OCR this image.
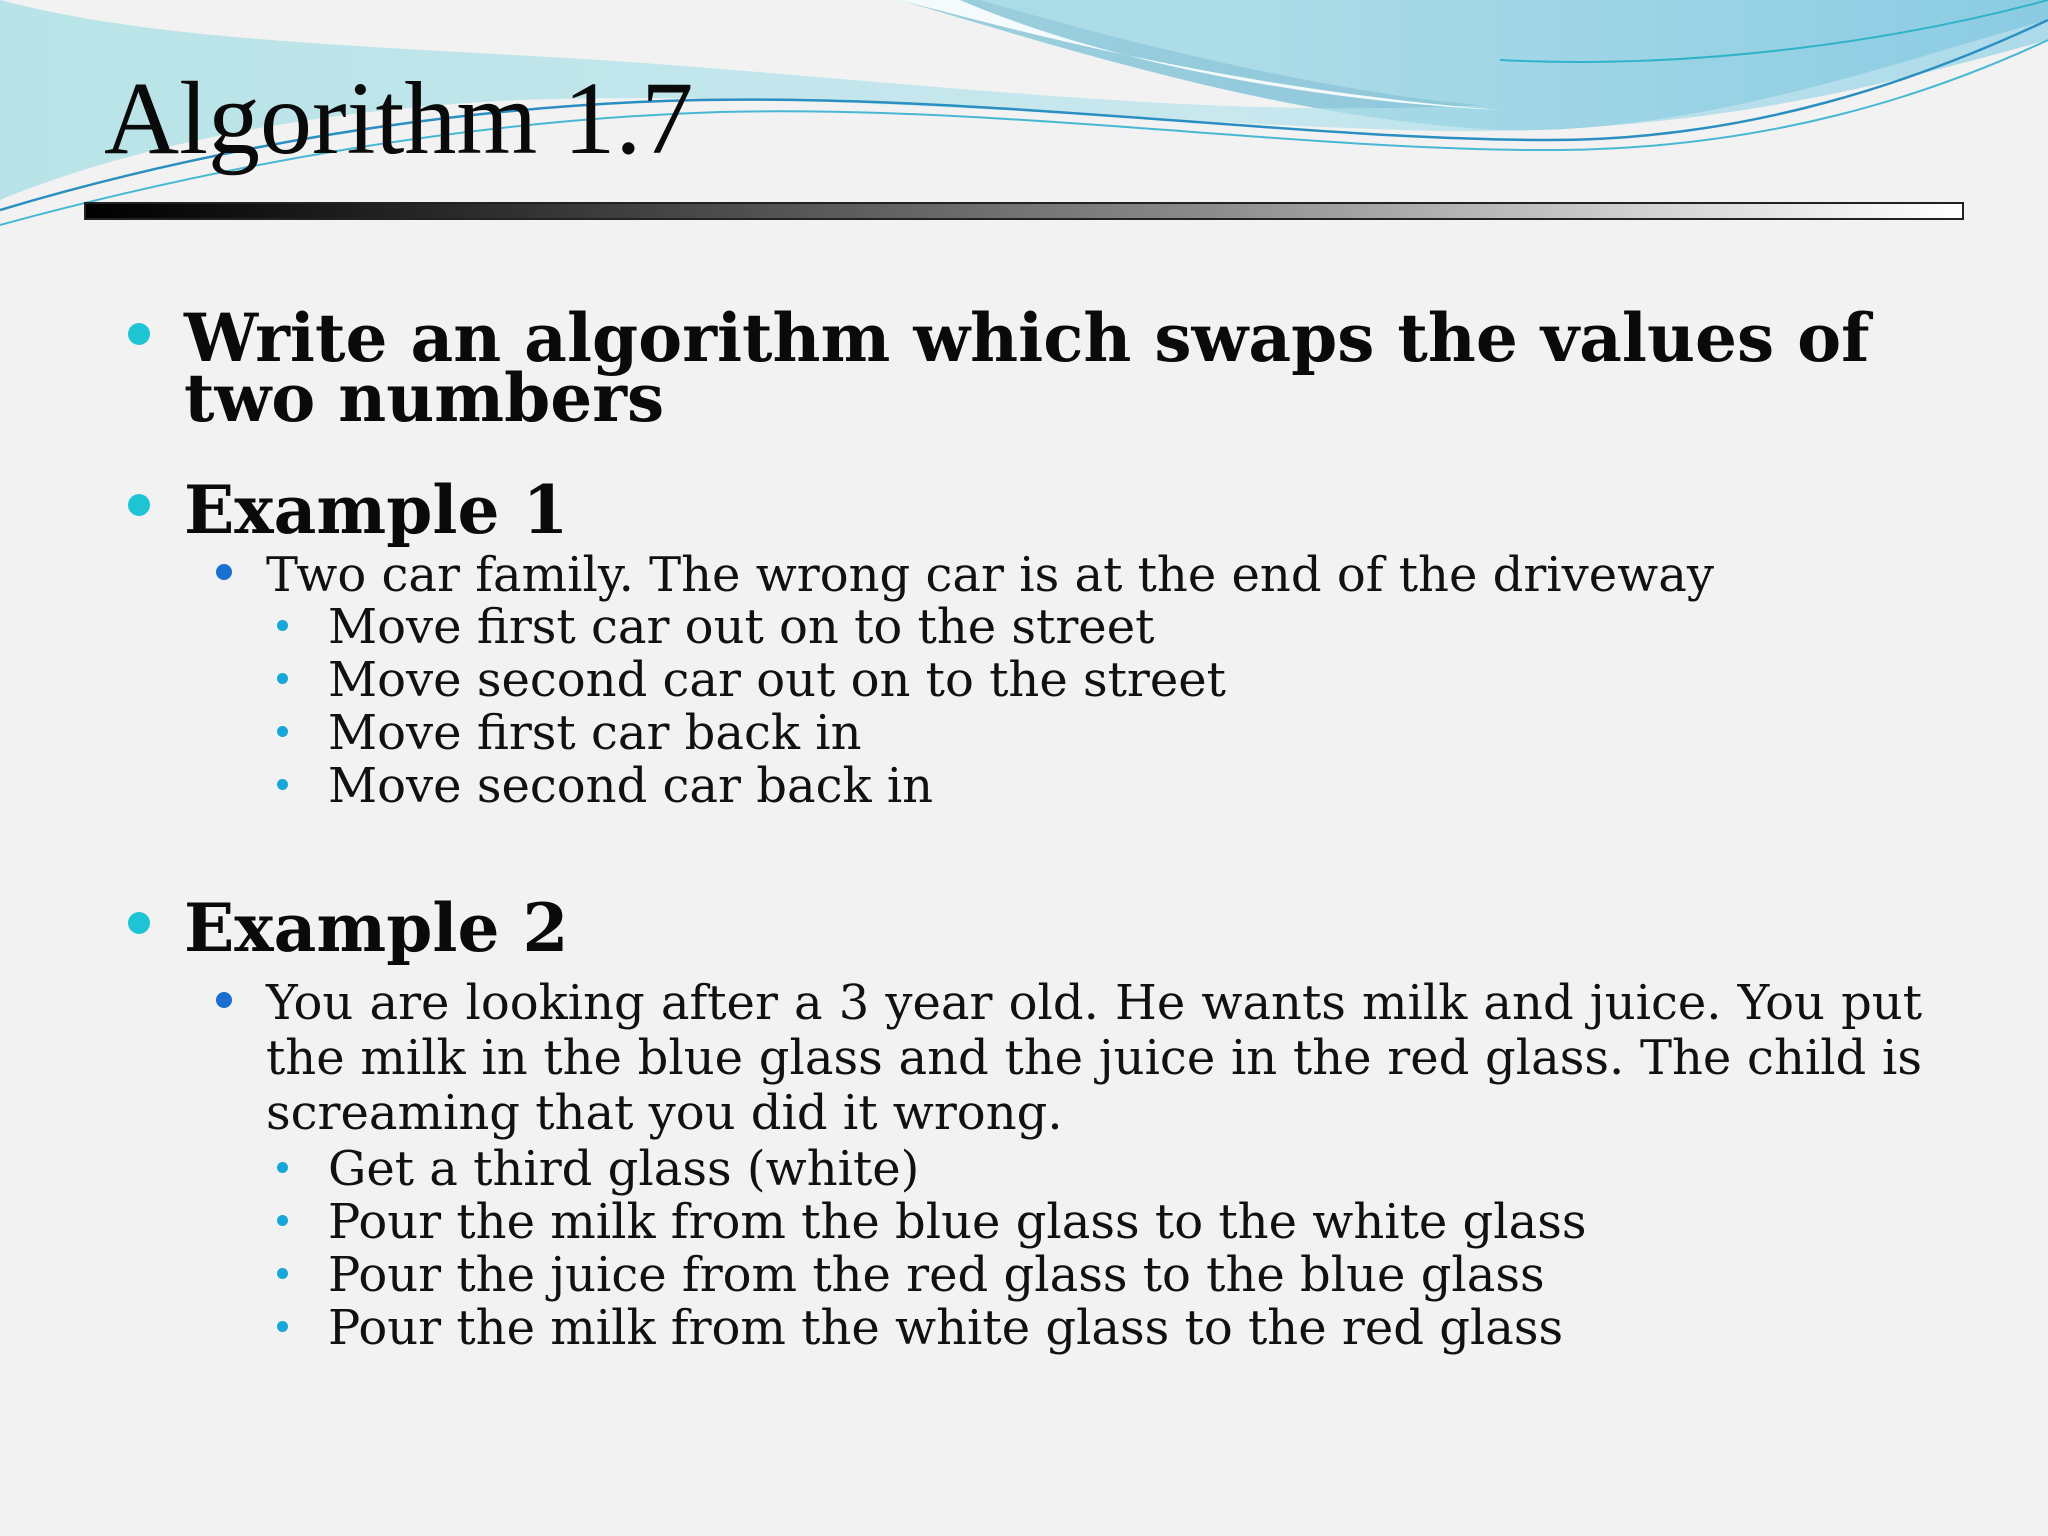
Algorithm 1.7
Write an algorithm which swaps the values of two numbers
Example 1
Two car family. The wrong car is at the end of the driveway
Move first car out on to the street
Move second car out on to the street
Move first car back in
Move second car back in
Example 2
You are looking after a 3 year old. He wants milk and juice. You put the milk in the blue glass and the juice in the red glass. The child is screaming that you did it wrong.
Get a third glass (white)
Pour the milk from the blue glass to the white glass
Pour the juice from the red glass to the blue glass
Pour the milk from the white glass to the red glass
